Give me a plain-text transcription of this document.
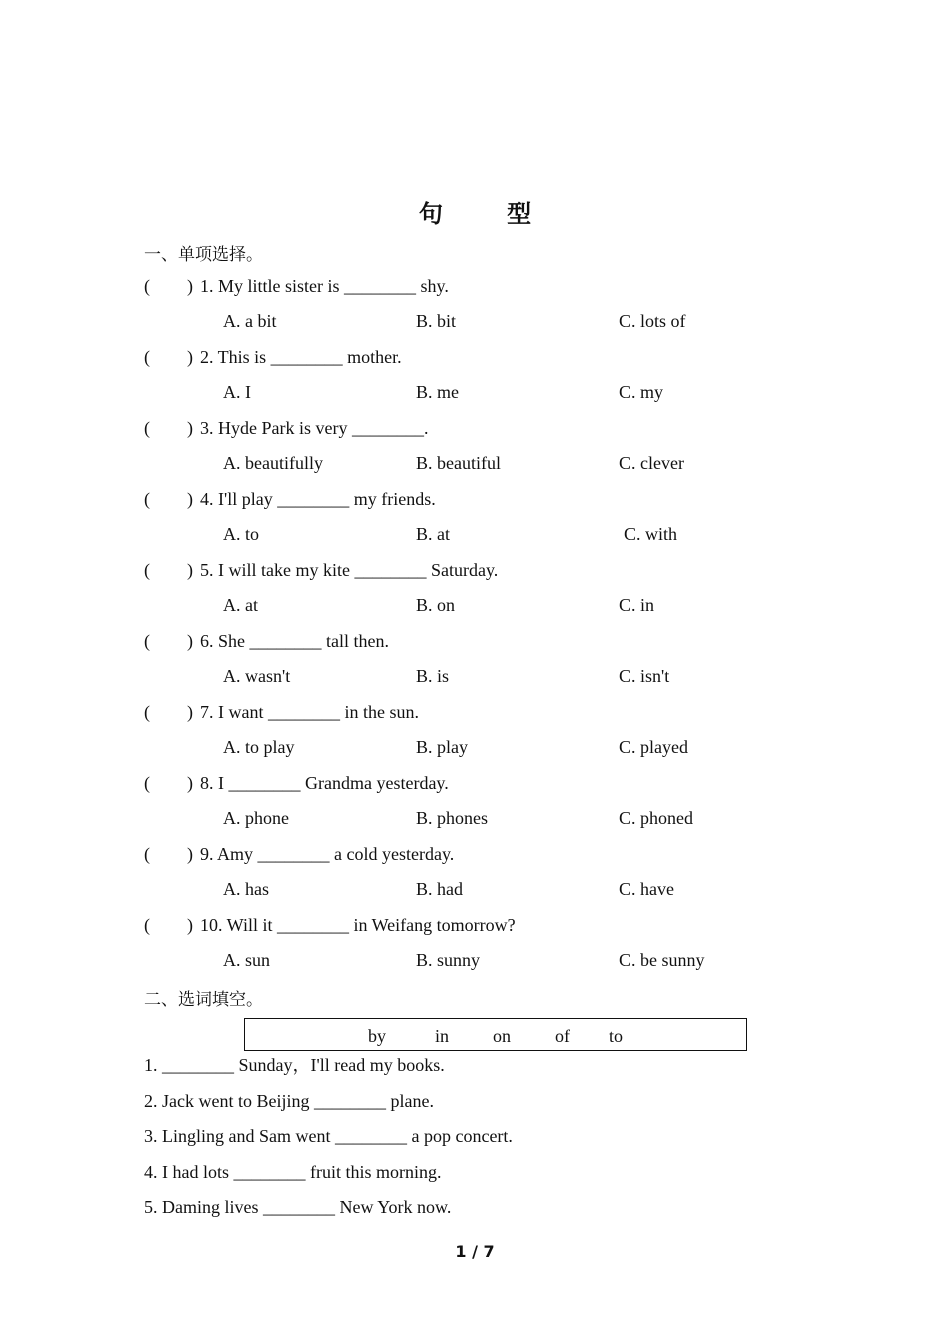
句 型
一、单项选择。
( ) 1. My little sister is ________ shy.
A. a bit	B. bit	C. lots of
( ) 2. This is ________ mother.
A. I	B. me	C. my
( ) 3. Hyde Park is very ________.
A. beautifully	B. beautiful	C. clever
( ) 4. I'll play ________ my friends.
A. to	B. at	C. with
( ) 5. I will take my kite ________ Saturday.
A. at	B. on	C. in
( ) 6. She ________ tall then.
A. wasn't	B. is	C. isn't
( ) 7. I want ________ in the sun.
A. to play	B. play	C. played
( ) 8. I ________ Grandma yesterday.
A. phone	B. phones	C. phoned
( ) 9. Amy ________ a cold yesterday.
A. has	B. had	C. have
( ) 10. Will it ________ in Weifang tomorrow?
A. sun	B. sunny	C. be sunny
二、选词填空。
by	in on of to
1. ________ Sunday，I'll read my books.
2. Jack went to Beijing ________ plane.
3. Lingling and Sam went ________ a pop concert.
4. I had lots ________ fruit this morning.
5. Daming lives ________ New York now.
1 / 7
